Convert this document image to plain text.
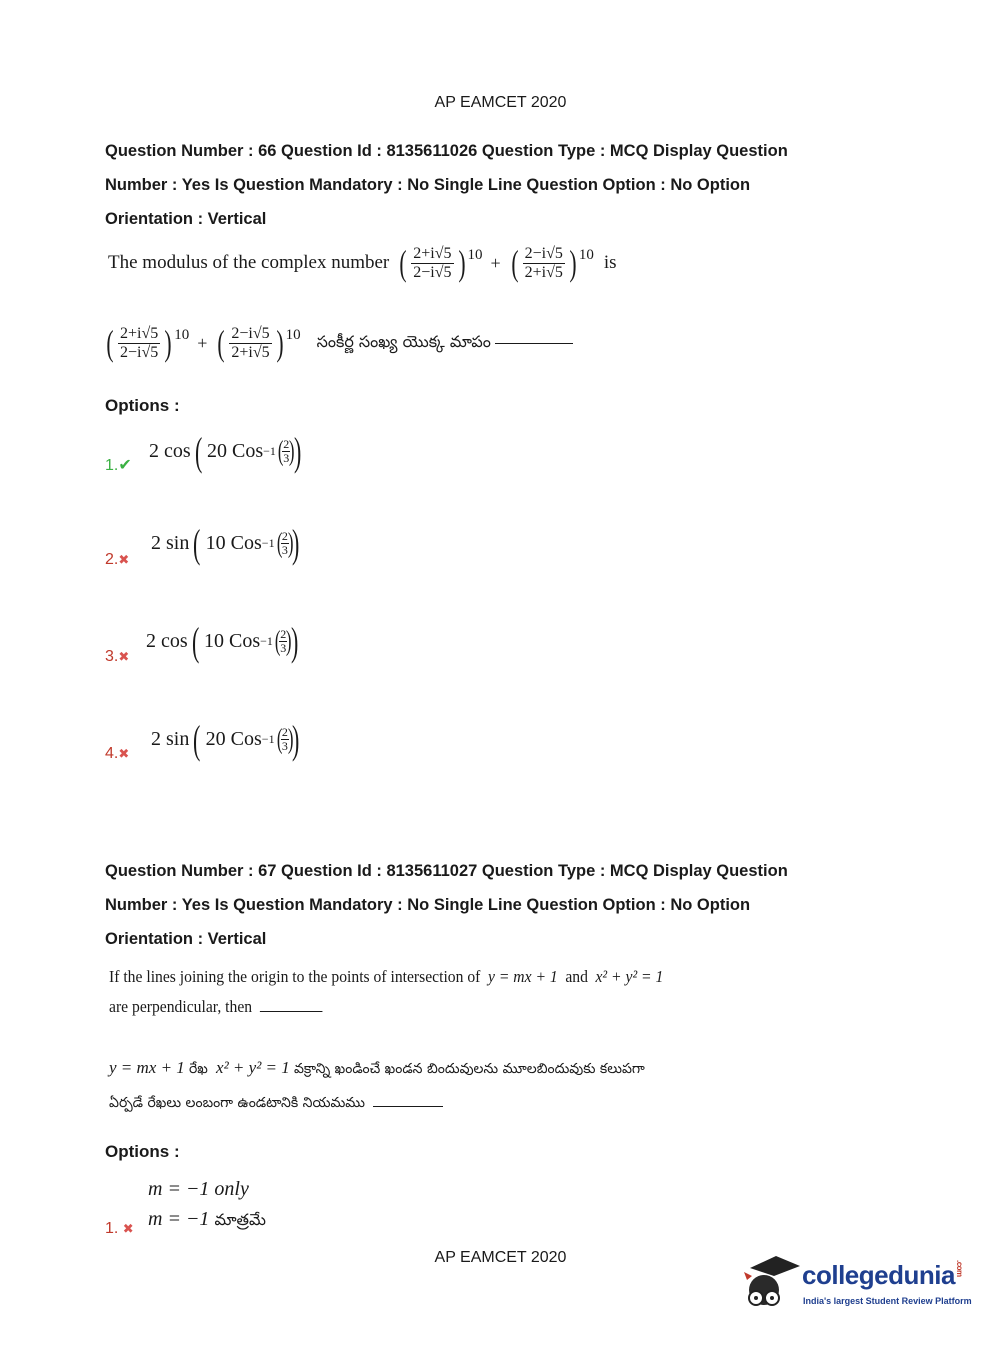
AP EAMCET 2020
Question Number : 66 Question Id : 8135611026 Question Type : MCQ Display Question
Number : Yes Is Question Mandatory : No Single Line Question Option : No Option
Orientation : Vertical
The modulus of the complex number ( $\frac{2+i√5}{2-i√5}$ ) 10 + ( $\frac{2-i√5}{2+i√5}$ ) 10 is
( $\frac{2+i√5}{2-i√5}$ ) 10 + ( $\frac{2-i√5}{2+i√5}$ ) 10 సంకీర్ణ సంఖ్య యొక్క మాపం
Options :
2 cos ( 20 Cos −1 (
$\frac{2}{3}$
)
)
1.✔
2 sin ( 10 Cos −1 (
$\frac{2}{3}$
)
)
2.✖
2 cos ( 10 Cos −1 (
$\frac{2}{3}$
)
)
3.✖
2 sin ( 20 Cos −1 (
$\frac{2}{3}$
)
)
4.✖
Question Number : 67 Question Id : 8135611027 Question Type : MCQ Display Question
Number : Yes Is Question Mandatory : No Single Line Question Option : No Option
Orientation : Vertical
If the lines joining the origin to the points of intersection of y = mx + 1 and x² + y² = 1
are perpendicular, then
y = mx + 1 రేఖ x² + y² = 1 వక్రాన్ని ఖండించే ఖండన బిందువులను మూలబిందువుకు కలుపగా
ఏర్పడే రేఖలు లంబంగా ఉండటానికి నియమము
Options :
m = −1 only
m = −1 మాత్రమే
1. ✖
AP EAMCET 2020
collegedunia.com
India's largest Student Review Platform
